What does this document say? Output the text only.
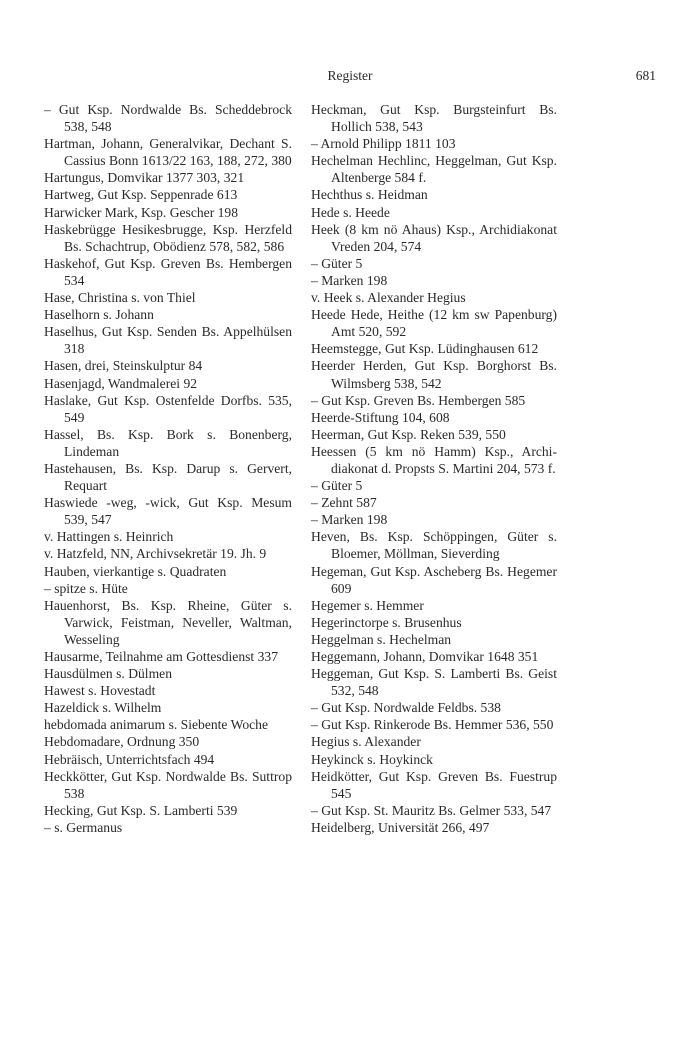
Register	681
– Gut Ksp. Nordwalde Bs. Scheddebrock 538, 548
Hartman, Johann, Generalvikar, Dechant S. Cassius Bonn 1613/22 163, 188, 272, 380
Hartungus, Domvikar 1377 303, 321
Hartweg, Gut Ksp. Seppenrade 613
Harwicker Mark, Ksp. Gescher 198
Haskebrügge Hesikesbrugge, Ksp. Herzfeld Bs. Schachtrup, Obödienz 578, 582, 586
Haskehof, Gut Ksp. Greven Bs. Hembergen 534
Hase, Christina s. von Thiel
Haselhorn s. Johann
Haselhus, Gut Ksp. Senden Bs. Appelhülsen 318
Hasen, drei, Steinskulptur 84
Hasenjagd, Wandmalerei 92
Haslake, Gut Ksp. Ostenfelde Dorfbs. 535, 549
Hassel, Bs. Ksp. Bork s. Bonenberg, Lindeman
Hastehausen, Bs. Ksp. Darup s. Gervert, Requart
Haswiede -weg, -wick, Gut Ksp. Mesum 539, 547
v. Hattingen s. Heinrich
v. Hatzfeld, NN, Archivsekretär 19. Jh. 9
Hauben, vierkantige s. Quadraten
– spitze s. Hüte
Hauenhorst, Bs. Ksp. Rheine, Güter s. Varwick, Feistman, Neveller, Waltman, Wesseling
Hausarme, Teilnahme am Gottesdienst 337
Hausdülmen s. Dülmen
Hawest s. Hovestadt
Hazeldick s. Wilhelm
hebdomada animarum s. Siebente Woche
Hebdomadare, Ordnung 350
Hebräisch, Unterrichtsfach 494
Heckkötter, Gut Ksp. Nordwalde Bs. Suttrop 538
Hecking, Gut Ksp. S. Lamberti 539
– s. Germanus
Heckman, Gut Ksp. Burgsteinfurt Bs. Hollich 538, 543
– Arnold Philipp 1811 103
Hechelman Hechlinc, Heggelman, Gut Ksp. Altenberge 584 f.
Hechthus s. Heidman
Hede s. Heede
Heek (8 km nö Ahaus) Ksp., Archidiakonat Vreden 204, 574
– Güter 5
– Marken 198
v. Heek s. Alexander Hegius
Heede Hede, Heithe (12 km sw Papenburg) Amt 520, 592
Heemstegge, Gut Ksp. Lüdinghausen 612
Heerder Herden, Gut Ksp. Borghorst Bs. Wilmsberg 538, 542
– Gut Ksp. Greven Bs. Hembergen 585
Heerde-Stiftung 104, 608
Heerman, Gut Ksp. Reken 539, 550
Heessen (5 km nö Hamm) Ksp., Archidiakonat d. Propsts S. Martini 204, 573 f.
– Güter 5
– Zehnt 587
– Marken 198
Heven, Bs. Ksp. Schöppingen, Güter s. Bloemer, Möllman, Sieverding
Hegeman, Gut Ksp. Ascheberg Bs. Hegemer 609
Hegemer s. Hemmer
Hegerinctorpe s. Brusenhus
Heggelman s. Hechelman
Heggemann, Johann, Domvikar 1648 351
Heggeman, Gut Ksp. S. Lamberti Bs. Geist 532, 548
– Gut Ksp. Nordwalde Feldbs. 538
– Gut Ksp. Rinkerode Bs. Hemmer 536, 550
Hegius s. Alexander
Heykinck s. Hoykinck
Heidkötter, Gut Ksp. Greven Bs. Fuestrup 545
– Gut Ksp. St. Mauritz Bs. Gelmer 533, 547
Heidelberg, Universität 266, 497
